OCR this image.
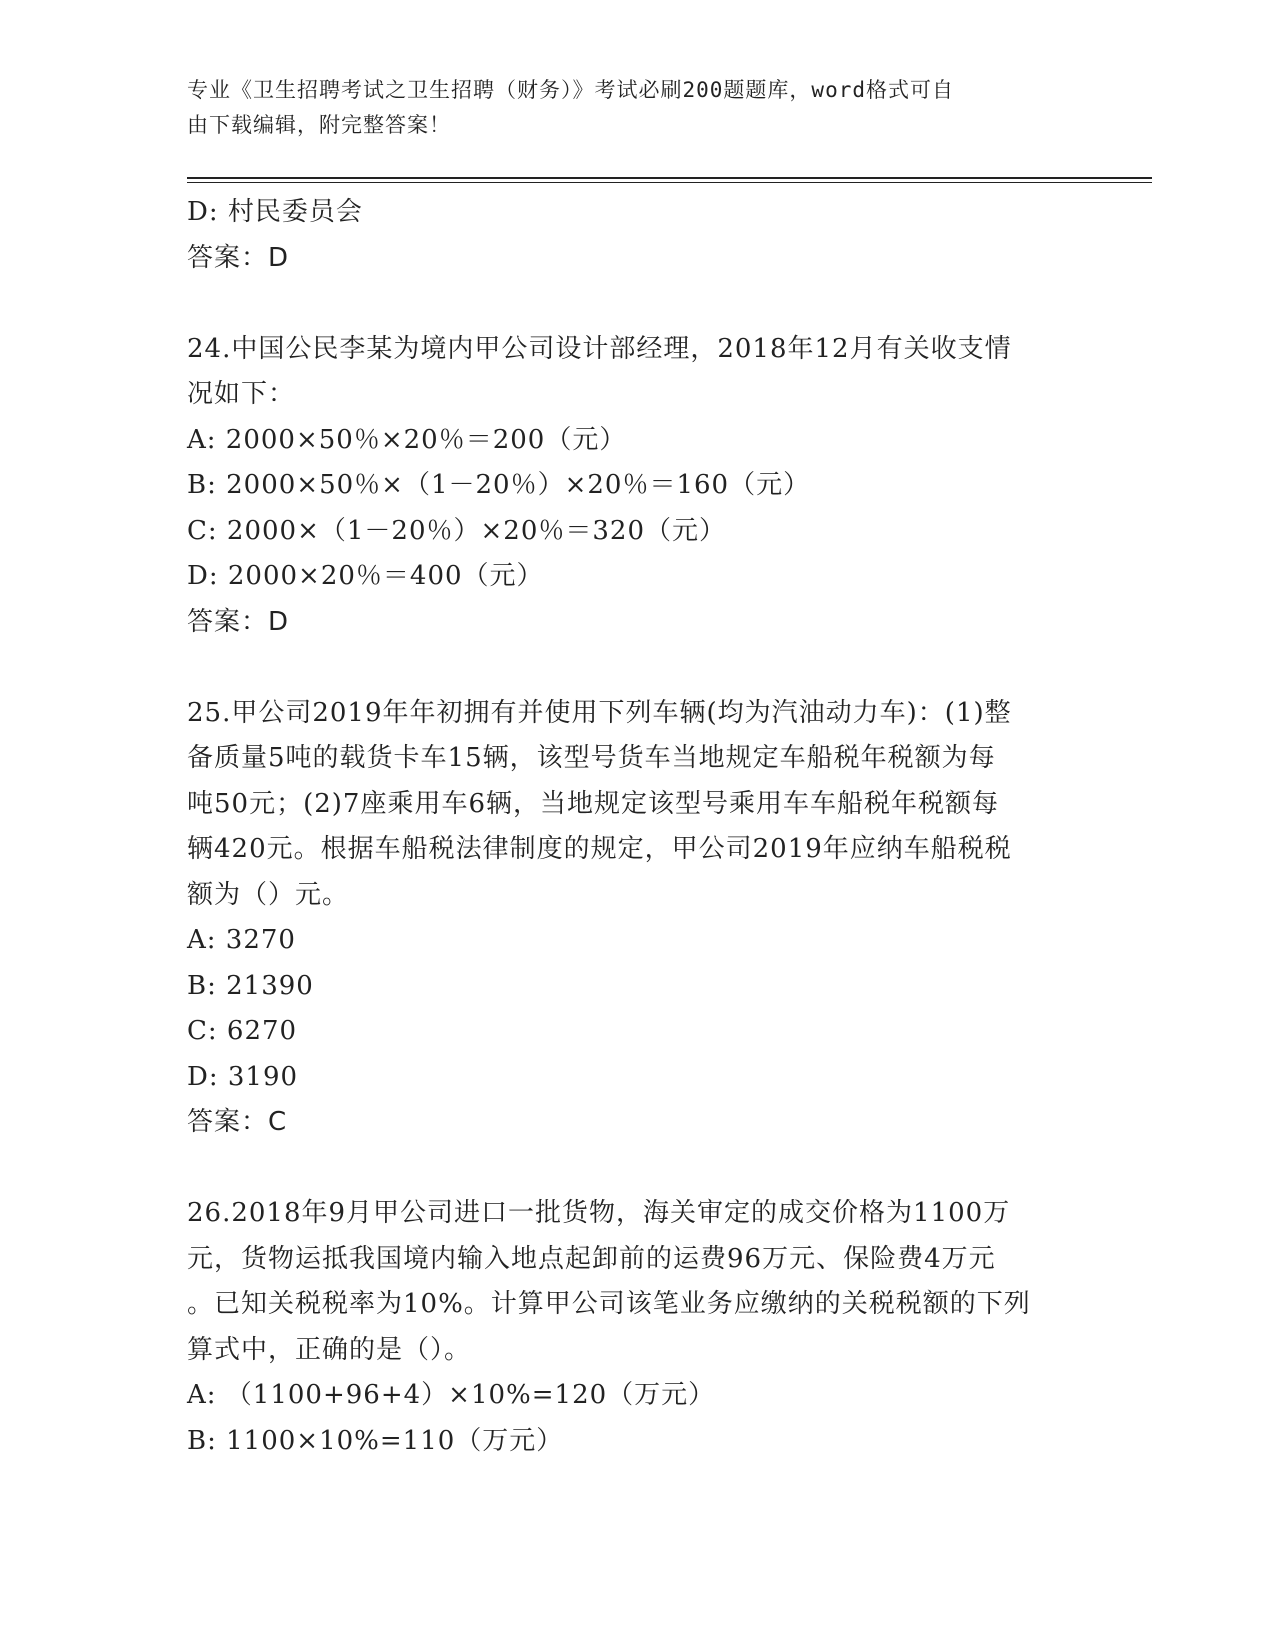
专业《卫生招聘考试之卫生招聘（财务）》考试必刷200题题库，word格式可自
由下载编辑，附完整答案！
D: 村民委员会
答案：D
24.中国公民李某为境内甲公司设计部经理，2018年12月有关收支情
况如下：
A: 2000×50％×20％＝200（元）
B: 2000×50％×（1－20％）×20％＝160（元）
C: 2000×（1－20％）×20％＝320（元）
D: 2000×20％＝400（元）
答案：D
25.甲公司2019年年初拥有并使用下列车辆(均为汽油动力车)：(1)整
备质量5吨的载货卡车15辆，该型号货车当地规定车船税年税额为每
吨50元；(2)7座乘用车6辆，当地规定该型号乘用车车船税年税额每
辆420元。根据车船税法律制度的规定，甲公司2019年应纳车船税税
额为（）元。
A: 3270
B: 21390
C: 6270
D: 3190
答案：C
26.2018年9月甲公司进口一批货物，海关审定的成交价格为1100万
元，货物运抵我国境内输入地点起卸前的运费96万元、保险费4万元
。已知关税税率为10%。计算甲公司该笔业务应缴纳的关税税额的下列
算式中，正确的是（）。
A: （1100+96+4）×10%=120（万元）
B: 1100×10%=110（万元）
